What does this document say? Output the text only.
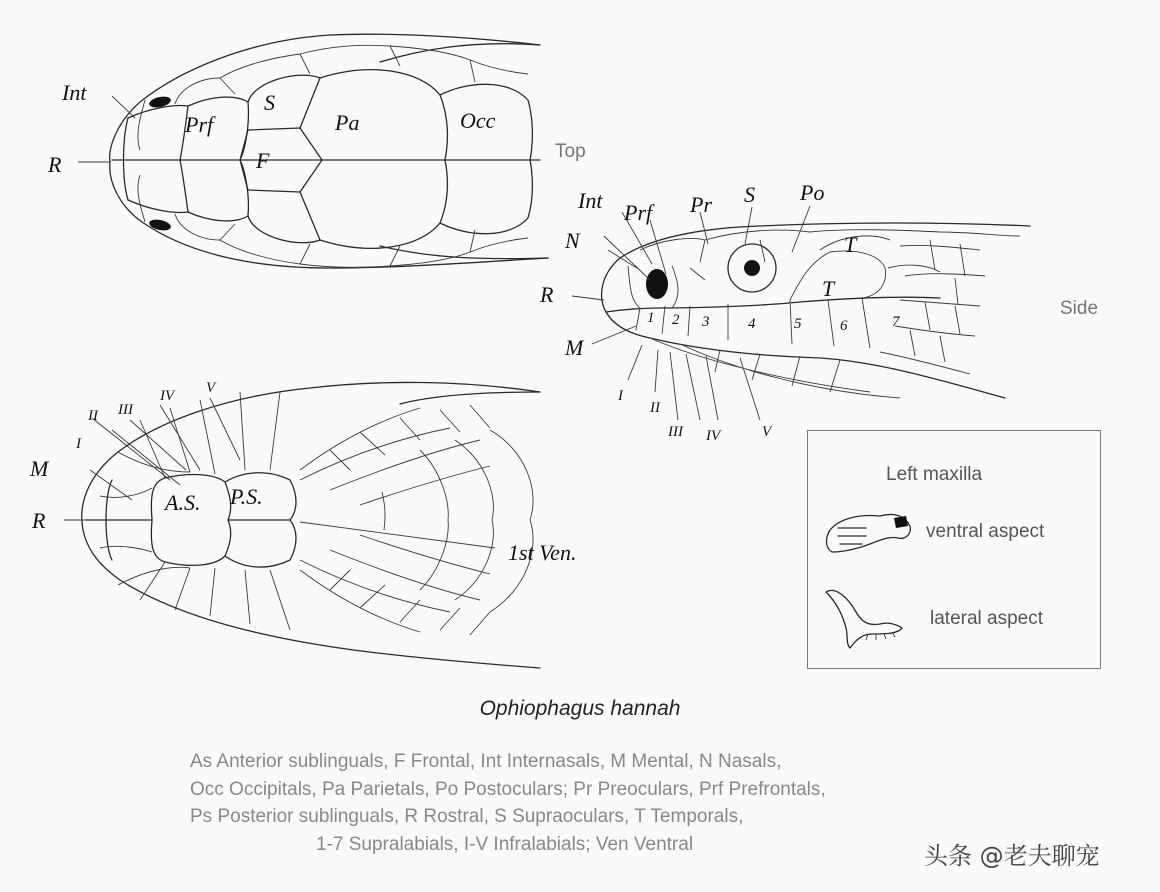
Int
R
Prf
S
F
Pa	Occ
Top
Int Prf Pr S Po
N
R
M
T
T
1 2 3	4	5	6	7
I
II
III IV	V
Side
I
II III
IV V
M
R
A.S. P.S.
1st Ven.
Left maxilla
ventral aspect
lateral aspect
Ophiophagus hannah
As Anterior sublinguals, F Frontal, Int Internasals, M Mental, N Nasals,
Occ Occipitals, Pa Parietals, Po Postoculars; Pr Preoculars, Prf Prefrontals,
Ps Posterior sublinguals, R Rostral, S Supraoculars, T Temporals,
1-7 Supralabials, I-V Infralabials; Ven Ventral	头条 @老夫聊宠
